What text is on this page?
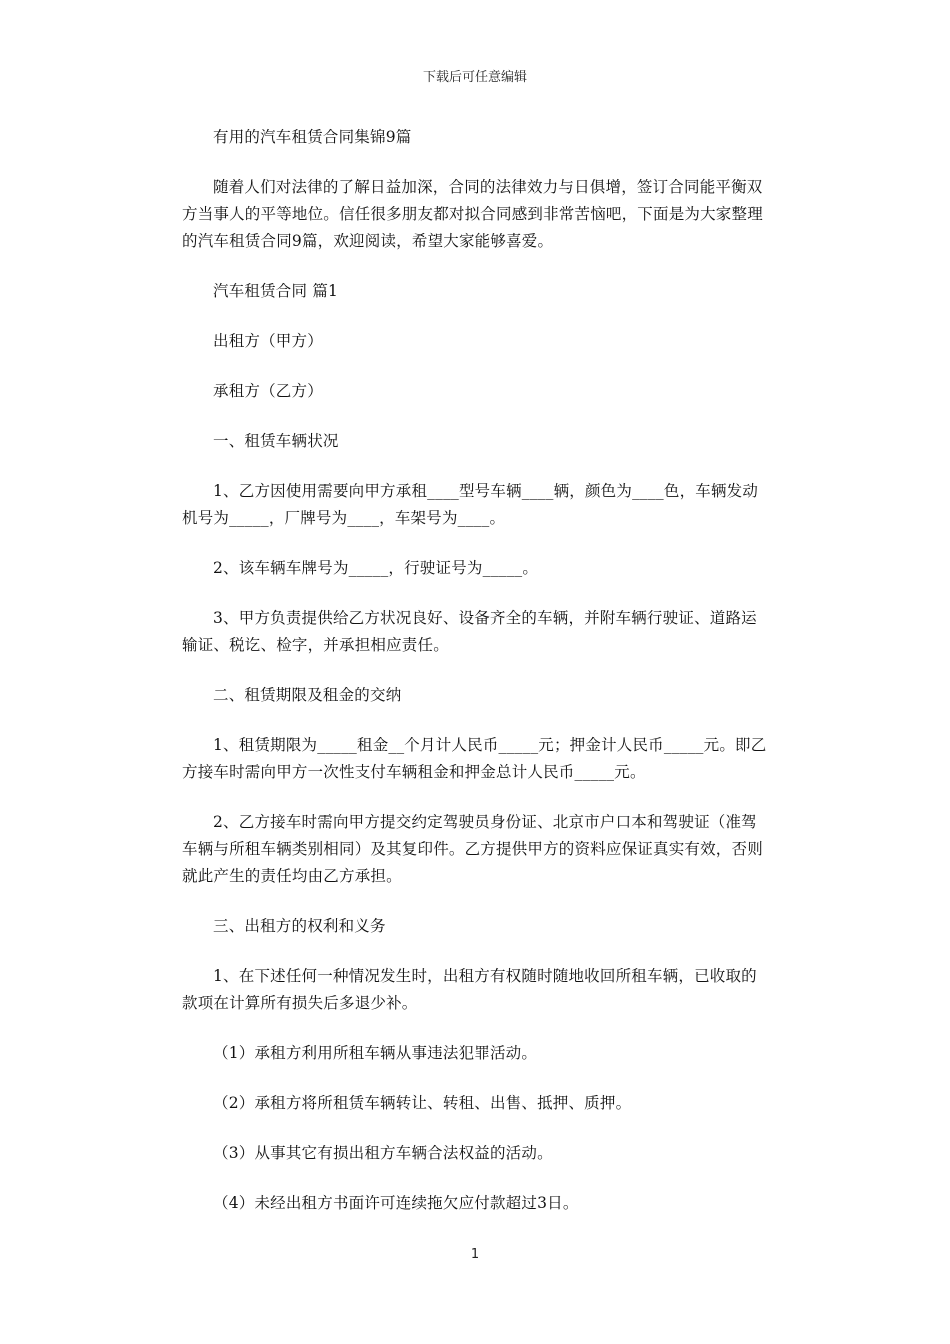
下载后可任意编辑

有用的汽车租赁合同集锦9篇

随着人们对法律的了解日益加深，合同的法律效力与日俱增，签订合同能平衡双方当事人的平等地位。信任很多朋友都对拟合同感到非常苦恼吧，下面是为大家整理的汽车租赁合同9篇，欢迎阅读，希望大家能够喜爱。

汽车租赁合同 篇1

出租方（甲方）

承租方（乙方）

一、租赁车辆状况

1、乙方因使用需要向甲方承租____型号车辆____辆，颜色为____色，车辆发动机号为_____，厂牌号为____，车架号为____。

2、该车辆车牌号为_____，行驶证号为_____。

3、甲方负责提供给乙方状况良好、设备齐全的车辆，并附车辆行驶证、道路运输证、税讫、检字，并承担相应责任。

二、租赁期限及租金的交纳

1、租赁期限为_____租金__个月计人民币_____元；押金计人民币_____元。即乙方接车时需向甲方一次性支付车辆租金和押金总计人民币_____元。

2、乙方接车时需向甲方提交约定驾驶员身份证、北京市户口本和驾驶证（准驾车辆与所租车辆类别相同）及其复印件。乙方提供甲方的资料应保证真实有效，否则就此产生的责任均由乙方承担。

三、出租方的权利和义务

1、在下述任何一种情况发生时，出租方有权随时随地收回所租车辆，已收取的款项在计算所有损失后多退少补。

（1）承租方利用所租车辆从事违法犯罪活动。

（2）承租方将所租赁车辆转让、转租、出售、抵押、质押。

（3）从事其它有损出租方车辆合法权益的活动。

（4）未经出租方书面许可连续拖欠应付款超过3日。

1
